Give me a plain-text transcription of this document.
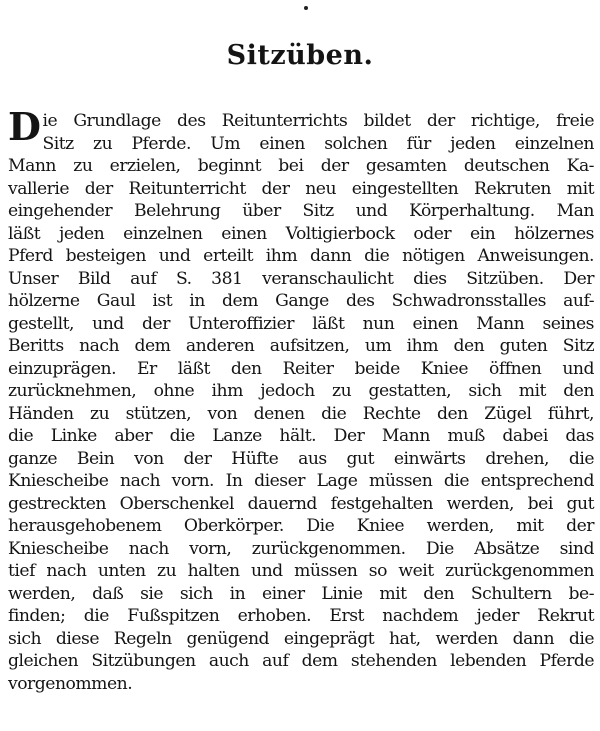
Sitzüben.
D ie Grundlage des Reitunterrichts bildet der richtige, freie
Sitz zu Pferde. Um einen solchen für jeden einzelnen
Mann zu erzielen, beginnt bei der gesamten deutschen Ka-
vallerie der Reitunterricht der neu eingestellten Rekruten mit
eingehender Belehrung über Sitz und Körperhaltung. Man
läßt jeden einzelnen einen Voltigierbock oder ein hölzernes
Pferd besteigen und erteilt ihm dann die nötigen Anweisungen.
Unser Bild auf S. 381 veranschaulicht dies Sitzüben. Der
hölzerne Gaul ist in dem Gange des Schwadronsstalles auf-
gestellt, und der Unteroffizier läßt nun einen Mann seines
Beritts nach dem anderen aufsitzen, um ihm den guten Sitz
einzuprägen. Er läßt den Reiter beide Kniee öffnen und
zurücknehmen, ohne ihm jedoch zu gestatten, sich mit den
Händen zu stützen, von denen die Rechte den Zügel führt,
die Linke aber die Lanze hält. Der Mann muß dabei das
ganze Bein von der Hüfte aus gut einwärts drehen, die
Kniescheibe nach vorn. In dieser Lage müssen die entsprechend
gestreckten Oberschenkel dauernd festgehalten werden, bei gut
herausgehobenem Oberkörper. Die Kniee werden, mit der
Kniescheibe nach vorn, zurückgenommen. Die Absätze sind
tief nach unten zu halten und müssen so weit zurückgenommen
werden, daß sie sich in einer Linie mit den Schultern be-
finden; die Fußspitzen erhoben. Erst nachdem jeder Rekrut
sich diese Regeln genügend eingeprägt hat, werden dann die
gleichen Sitzübungen auch auf dem stehenden lebenden Pferde
vorgenommen.
